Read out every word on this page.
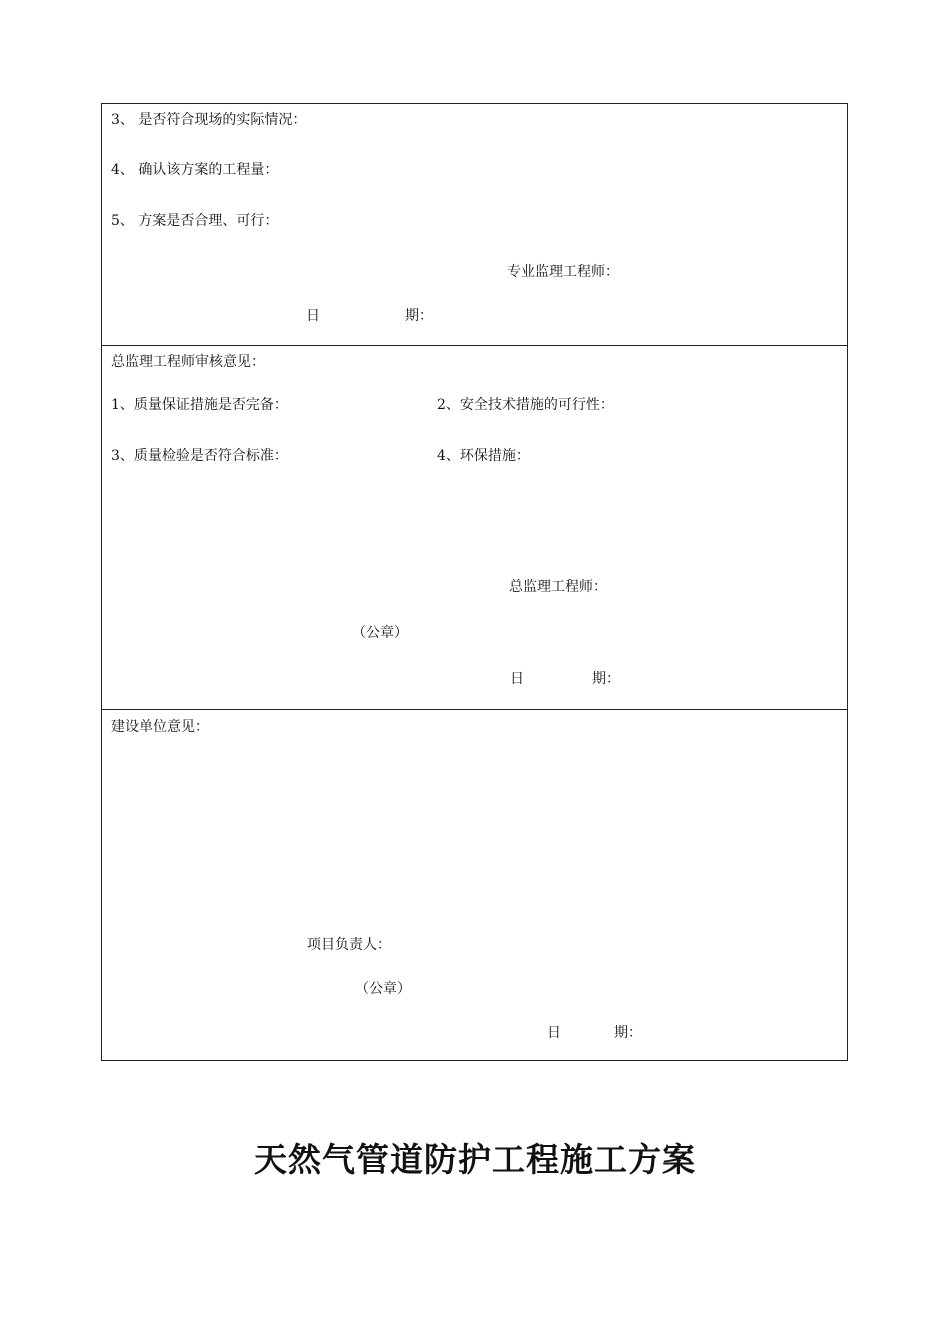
3、 是否符合现场的实际情况：
4、 确认该方案的工程量：
5、 方案是否合理、可行：
专业监理工程师：
日	期：
总监理工程师审核意见：
1、质量保证措施是否完备：	2、安全技术措施的可行性：
3、质量检验是否符合标准：	4、环保措施：
总监理工程师：
（公章）
日	期：
建设单位意见：
项目负责人：
（公章）
日	期：
天然气管道防护工程施工方案
